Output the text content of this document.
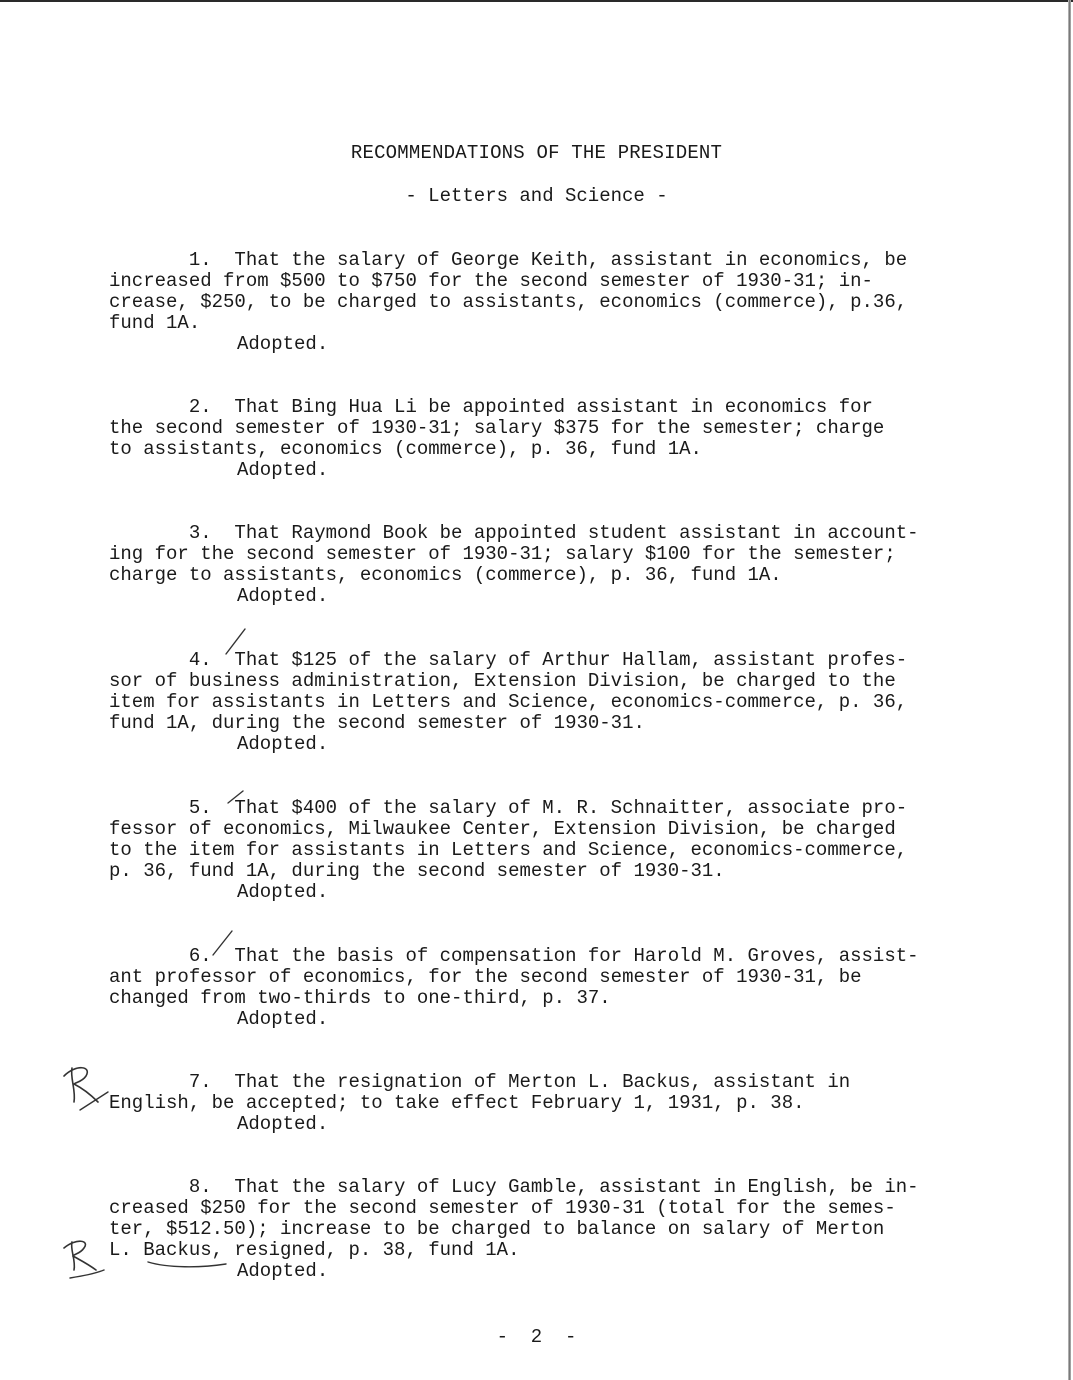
RECOMMENDATIONS OF THE PRESIDENT
- Letters and Science -
1.  That the salary of George Keith, assistant in economics, be
increased from $500 to $750 for the second semester of 1930-31; in-
crease, $250, to be charged to assistants, economics (commerce), p.36,
fund 1A.
Adopted.
2.  That Bing Hua Li be appointed assistant in economics for
the second semester of 1930-31; salary $375 for the semester; charge
to assistants, economics (commerce), p. 36, fund 1A.
Adopted.
3.  That Raymond Book be appointed student assistant in account-
ing for the second semester of 1930-31; salary $100 for the semester;
charge to assistants, economics (commerce), p. 36, fund 1A.
Adopted.
4.  That $125 of the salary of Arthur Hallam, assistant profes-
sor of business administration, Extension Division, be charged to the
item for assistants in Letters and Science, economics-commerce, p. 36,
fund 1A, during the second semester of 1930-31.
Adopted.
5.  That $400 of the salary of M. R. Schnaitter, associate pro-
fessor of economics, Milwaukee Center, Extension Division, be charged
to the item for assistants in Letters and Science, economics-commerce,
p. 36, fund 1A, during the second semester of 1930-31.
Adopted.
6.  That the basis of compensation for Harold M. Groves, assist-
ant professor of economics, for the second semester of 1930-31, be
changed from two-thirds to one-third, p. 37.
Adopted.
7.  That the resignation of Merton L. Backus, assistant in
English, be accepted; to take effect February 1, 1931, p. 38.
Adopted.
8.  That the salary of Lucy Gamble, assistant in English, be in-
creased $250 for the second semester of 1930-31 (total for the semes-
ter, $512.50); increase to be charged to balance on salary of Merton
L. Backus, resigned, p. 38, fund 1A.
Adopted.
-  2  -
